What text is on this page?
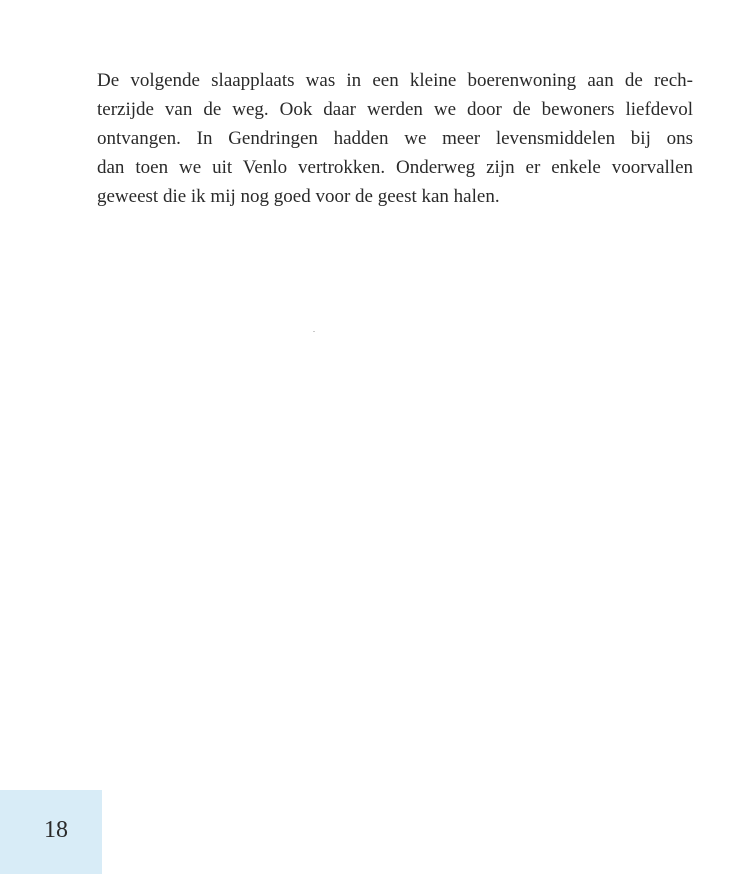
De volgende slaapplaats was in een kleine boerenwoning aan de rech-
terzijde van de weg. Ook daar werden we door de bewoners liefdevol
ontvangen. In Gendringen hadden we meer levensmiddelen bij ons
dan toen we uit Venlo vertrokken. Onderweg zijn er enkele voorvallen
geweest die ik mij nog goed voor de geest kan halen.
18
